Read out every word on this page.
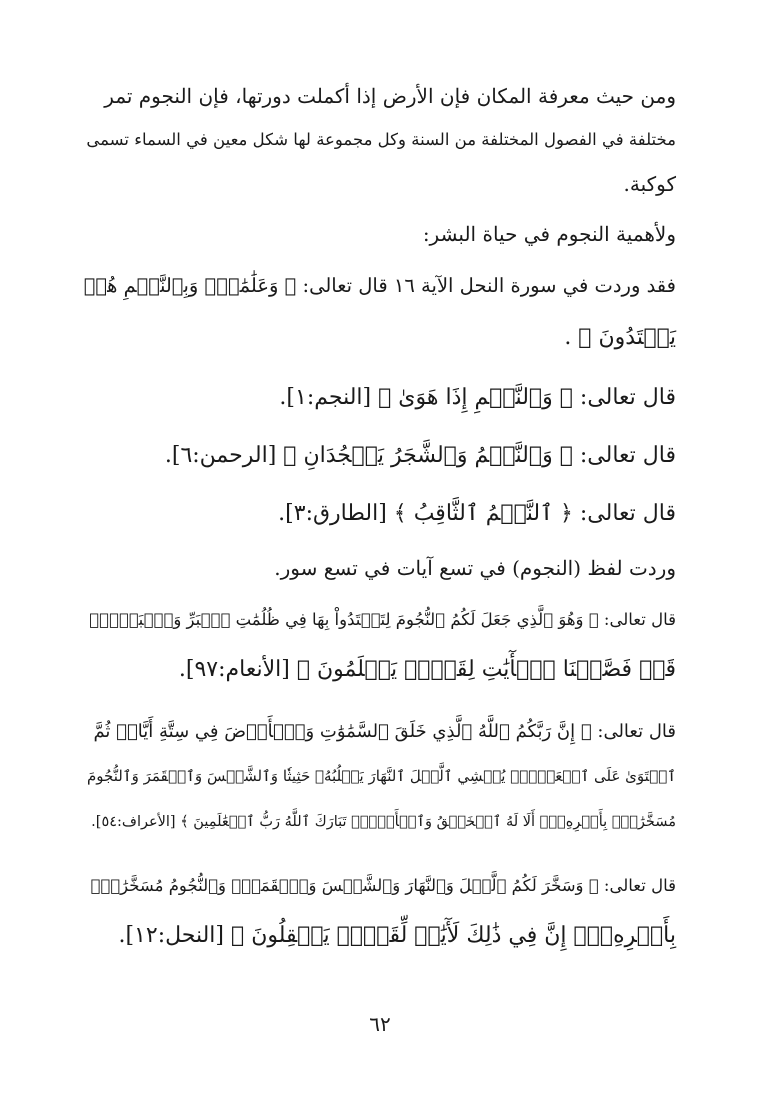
ومن حيث معرفة المكان فإن الأرض إذا أكملت دورتها، فإن النجوم تمر
مختلفة في الفصول المختلفة من السنة وكل مجموعة لها شكل معين في السماء تسمى
كوكبة.
ولأهمية النجوم في حياة البشر:
فقد وردت في سورة النحل الآية ١٦ قال تعالى: ﴿ وَعَلَٰمَٰتٍۚ وَبِٱلنَّجۡمِ هُمۡ
يَهۡتَدُونَ ﴾ .
قال تعالى: ﴿ وَٱلنَّجۡمِ إِذَا هَوَىٰ ﴾ [النجم:١].
قال تعالى: ﴿ وَٱلنَّجۡمُ وَٱلشَّجَرُ يَسۡجُدَانِ ﴾ [الرحمن:٦].
قال تعالى: ﴿ ٱلنَّجۡمُ ٱلثَّاقِبُ ﴾ [الطارق:٣].
وردت لفظ (النجوم) في تسع آيات في تسع سور.
قال تعالى: ﴿ وَهُوَ ٱلَّذِي جَعَلَ لَكُمُ ٱلنُّجُومَ لِتَهۡتَدُواْ بِهَا فِي ظُلُمَٰتِ ٱلۡبَرِّ وَٱلۡبَحۡرِۗ
قَدۡ فَصَّلۡنَا ٱلۡأٓيَٰتِ لِقَوۡمٖ يَعۡلَمُونَ ﴾ [الأنعام:٩٧].
قال تعالى: ﴿ إِنَّ رَبَّكُمُ ٱللَّهُ ٱلَّذِي خَلَقَ ٱلسَّمَٰوَٰتِ وَٱلۡأَرۡضَ فِي سِتَّةِ أَيَّامٖ ثُمَّ
ٱسۡتَوَىٰ عَلَى ٱلۡعَرۡشِۖ يُغۡشِي ٱلَّيۡلَ ٱلنَّهَارَ يَطۡلُبُهُۥ حَثِيثٗا وَٱلشَّمۡسَ وَٱلۡقَمَرَ وَٱلنُّجُومَ
مُسَخَّرَٰتِۭ بِأَمۡرِهِۦٓۗ أَلَا لَهُ ٱلۡخَلۡقُ وَٱلۡأَمۡرُۗ تَبَارَكَ ٱللَّهُ رَبُّ ٱلۡعَٰلَمِينَ ﴾ [الأعراف:٥٤].
قال تعالى: ﴿ وَسَخَّرَ لَكُمُ ٱلَّيۡلَ وَٱلنَّهَارَ وَٱلشَّمۡسَ وَٱلۡقَمَرَۖ وَٱلنُّجُومُ مُسَخَّرَٰتُۢ
بِأَمۡرِهِۦٓۚ إِنَّ فِي ذَٰلِكَ لَأٓيَٰتٖ لِّقَوۡمٖ يَعۡقِلُونَ ﴾ [النحل:١٢].
٦٢
